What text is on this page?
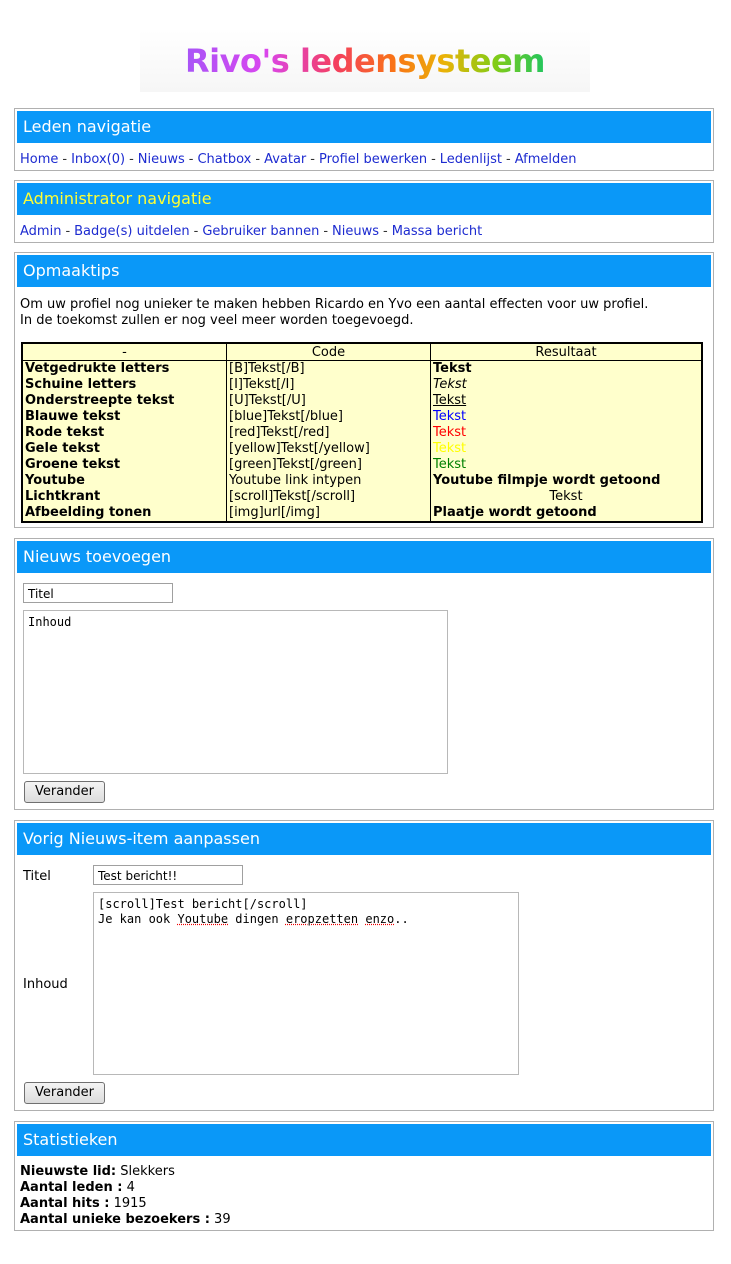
Rivo's ledensysteem
Leden navigatie
Home - Inbox(0) - Nieuws - Chatbox - Avatar - Profiel bewerken - Ledenlijst - Afmelden
Administrator navigatie
Admin - Badge(s) uitdelen - Gebruiker bannen - Nieuws - Massa bericht
Opmaaktips
Om uw profiel nog unieker te maken hebben Ricardo en Yvo een aantal effecten voor uw profiel.
In de toekomst zullen er nog veel meer worden toegevoegd.
-	Code	Resultaat
Vetgedrukte letters	[B]Tekst[/B]	Tekst
Schuine letters	[I]Tekst[/I]	Tekst
Onderstreepte tekst	[U]Tekst[/U]	Tekst
Blauwe tekst	[blue]Tekst[/blue]	Tekst
Rode tekst	[red]Tekst[/red]	Tekst
Gele tekst	[yellow]Tekst[/yellow]	Tekst
Groene tekst	[green]Tekst[/green]	Tekst
Youtube	Youtube link intypen	Youtube filmpje wordt getoond
Lichtkrant	[scroll]Tekst[/scroll]	Tekst

Afbeelding tonen	[img]url[/img]	Plaatje wordt getoond
Nieuws toevoegen
Titel
Inhoud
Verander
Vorig Nieuws-item aanpassen
Titel	Test bericht!!
Inhoud
[scroll]Test bericht[/scroll]
Je kan ook Youtube dingen eropzetten enzo..
Verander
Statistieken
Nieuwste lid: Slekkers
Aantal leden : 4
Aantal hits : 1915
Aantal unieke bezoekers : 39
